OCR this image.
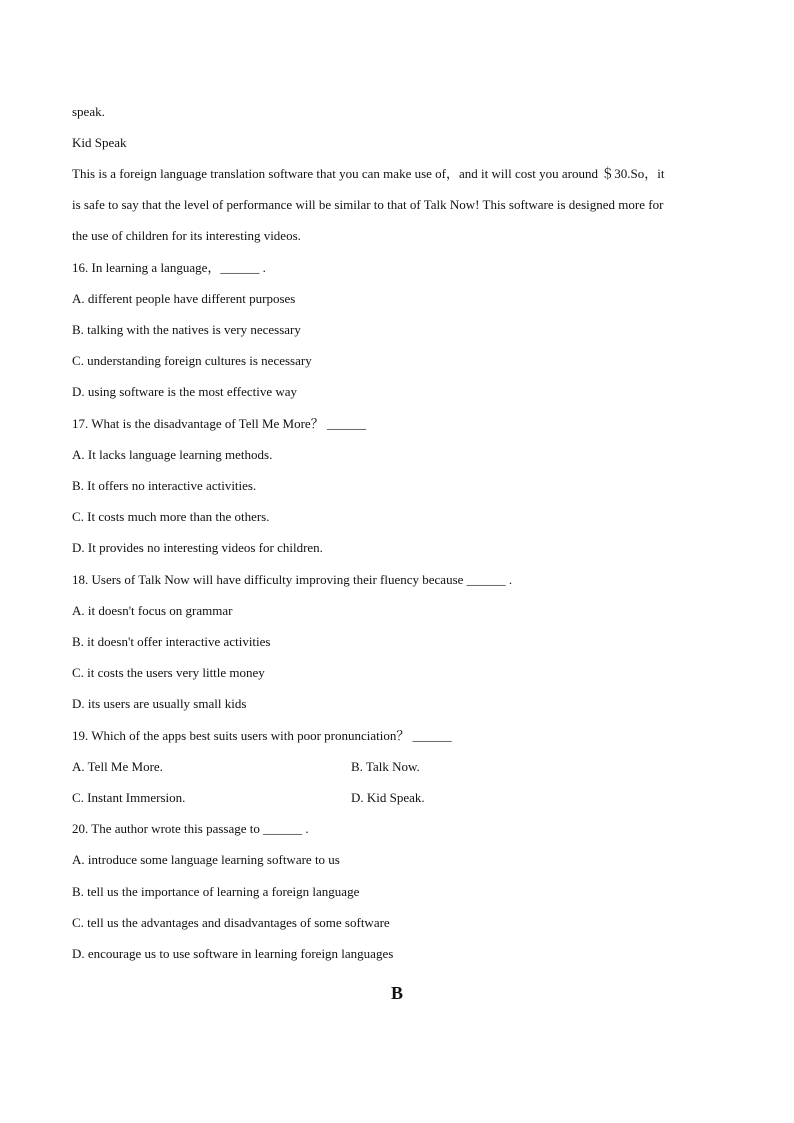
speak.
Kid Speak
This is a foreign language translation software that you can make use of，and it will cost you around ＄30.So，it
is safe to say that the level of performance will be similar to that of Talk Now! This software is designed more for
the use of children for its interesting videos.
16. In learning a language，______ .
A. different people have different purposes
B. talking with the natives is very necessary
C. understanding foreign cultures is necessary
D. using software is the most effective way
17. What is the disadvantage of Tell Me More？ ______
A. It lacks language learning methods.
B. It offers no interactive activities.
C. It costs much more than the others.
D. It provides no interesting videos for children.
18. Users of Talk Now will have difficulty improving their fluency because ______ .
A. it doesn't focus on grammar
B. it doesn't offer interactive activities
C. it costs the users very little money
D. its users are usually small kids
19. Which of the apps best suits users with poor pronunciation？ ______
A. Tell Me More.	B. Talk Now.
C. Instant Immersion.	D. Kid Speak.
20. The author wrote this passage to ______ .
A. introduce some language learning software to us
B. tell us the importance of learning a foreign language
C. tell us the advantages and disadvantages of some software
D. encourage us to use software in learning foreign languages
B
